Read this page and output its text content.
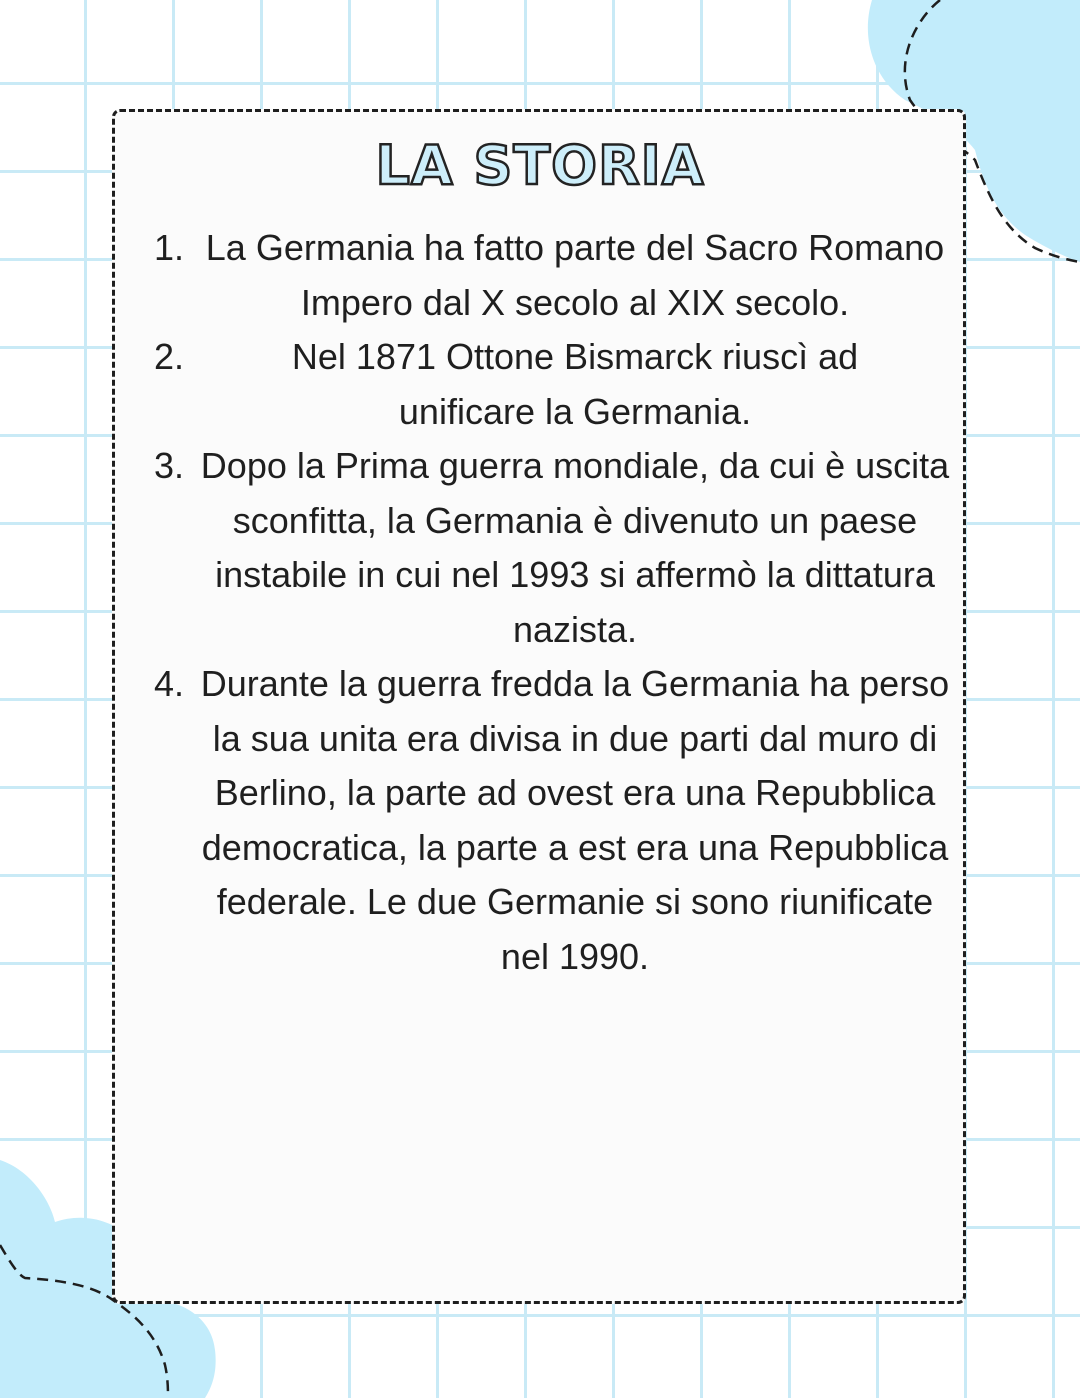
LA STORIA
1. La Germania ha fatto parte del Sacro Romano Impero dal X secolo al XIX secolo.
2.	Nel 1871 Ottone Bismarck riuscì ad unificare la Germania.
3. Dopo la Prima guerra mondiale, da cui è uscita sconfitta, la Germania è divenuto un paese instabile in cui nel 1993 si affermò la dittatura nazista.
4. Durante la guerra fredda la Germania ha perso la sua unita era divisa in due parti dal muro di Berlino, la parte ad ovest era una Repubblica democratica, la parte a est era una Repubblica federale. Le due Germanie si sono riunificate nel 1990.
